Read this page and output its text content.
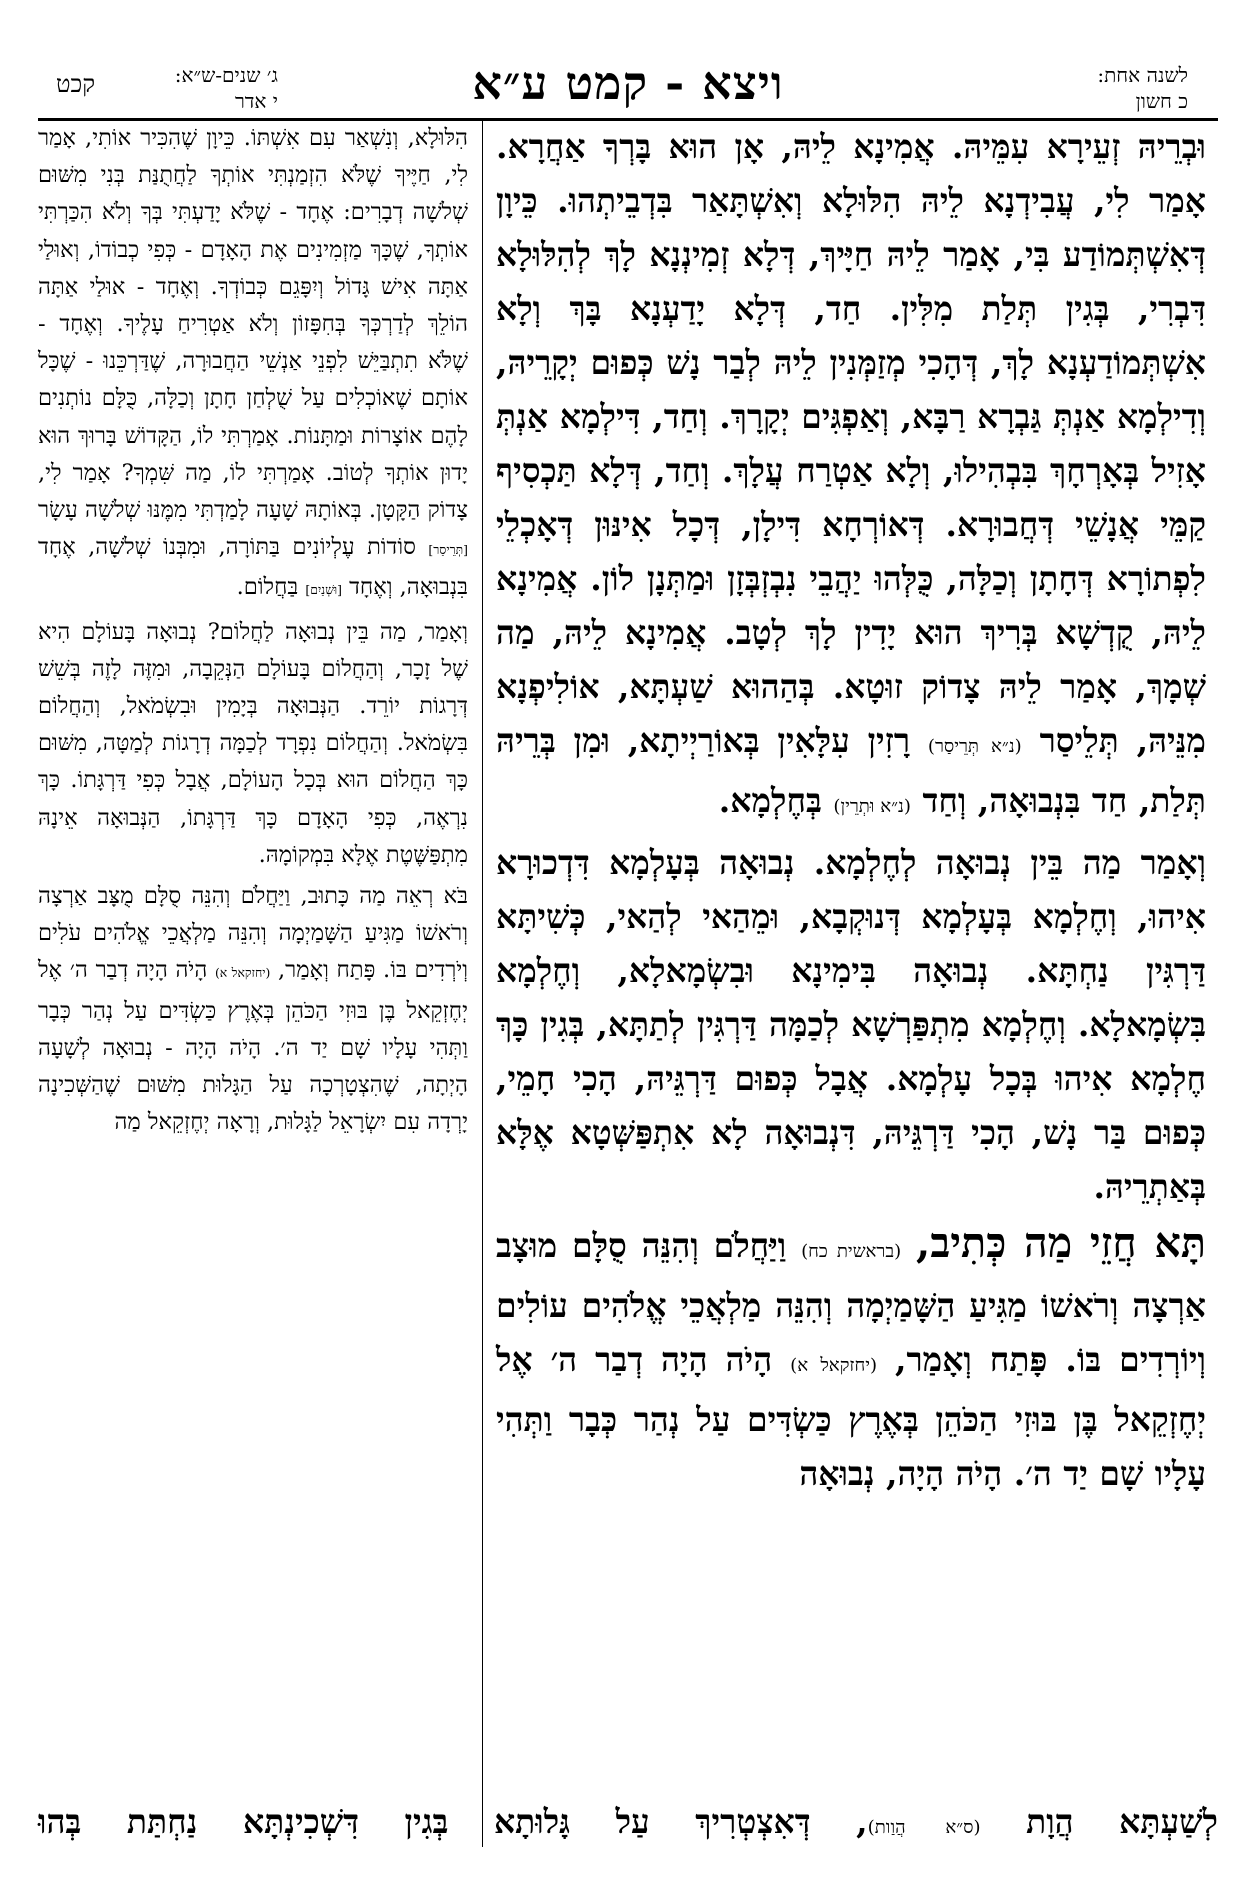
קכט	ג׳ שנים-ש״א:
י אדר	ויצא - קמט ע״א	לשנה אחת:
כ חשון

וּבְרֵיהּ זְעֵירָא עִמֵּיהּ. אֲמִינָא לֵיהּ, אָן הוּא בָּרְךָ אַחֲרָא. אָמַר לִי, עֲבִידְנָא לֵיהּ הִלּוּלָא וְאִשְׁתָּאַר בִּדְבֵיתְהוּ. כֵּיוָן דְּאִשְׁתְּמוֹדַע בִּי, אָמַר לֵיהּ חַיָּיךְ, דְּלָא זְמִינְנָא לָךְ לְהִלּוּלָא דִּבְרִי, בְּגִין תְּלַת מִלִּין. חַד, דְּלָא יָדַעְנָא בָּךְ וְלָא אִשְׁתְּמוֹדַעְנָא לָךְ, דְּהָכִי מְזַמְּנִין לֵיהּ לְבַר נָשׁ כְּפוּם יְקָרֵיהּ, וְדִילְמָא אַנְתְּ גַּבְרָא רַבָּא, וְאַפְגִּים יְקָרָךְ. וְחַד, דִּילְמָא אַנְתְּ אָזִיל בְּאָרְחָךְ בִּבְהִילוּ, וְלָא אַטְרַח עֲלָךְ. וְחַד, דְּלָא תַּכְסִיף קַמֵּי אֲנָשֵׁי דְּחֲבוּרָא. דְּאוֹרְחָא דִּילָן, דְּכָל אִינּוּן דְּאָכְלֵי לִפְתוֹרָא דְּחָתָן וְכַלָּה, כֻּלְּהוּ יַהֲבֵי נִבְזְבְּזָן וּמַתְּנָן לוֹן. אֲמִינָא לֵיהּ, קֻדְשָׁא בְּרִיךְ הוּא יָדִין לָךְ לְטָב. אֲמִינָא לֵיהּ, מַה שְׁמָךְ, אָמַר לֵיהּ צָדוֹק זוּטָא. בְּהַהוּא שַׁעְתָּא, אוֹלִיפְנָא מִנֵּיהּ, תְּלֵיסַר (נ״א תְּרֵיסַר) רָזִין עִלָּאִין בְּאוֹרַיְיתָא, וּמִן בְּרֵיהּ תְּלַת, חַד בִּנְבוּאָה, וְחַד (נ״א וּתְרֵין) בְּחֶלְמָא.

וְאָמַר מַה בֵּין נְבוּאָה לְחֶלְמָא. נְבוּאָה בְּעָלְמָא דִּדְכוּרָא אִיהוּ, וְחֶלְמָא בְּעָלְמָא דְּנוּקְבָא, וּמֵהַאי לְהַאי, כְּשִׁיתָּא דַּרְגִּין נַחְתָּא. נְבוּאָה בִּימִינָא וּבִשְׂמָאלָא, וְחֶלְמָא בִּשְׂמָאלָא. וְחֶלְמָא מִתְפַּרְשָׁא לְכַמָּה דַּרְגִּין לְתַתָּא, בְּגִין כָּךְ חֶלְמָא אִיהוּ בְּכָל עָלְמָא. אֲבָל כְּפוּם דַּרְגֵּיהּ, הָכִי חָמֵי, כְּפוּם בַּר נָשׁ, הָכִי דַּרְגֵּיהּ, דִּנְבוּאָה לָא אִתְפַּשְּׁטָא אֶלָּא בְּאַתְרֵיהּ.

תָּא חֲזֵי מַה כְּתִיב, (בראשית כח) וַיַּחֲלֹם וְהִנֵּה סֻלָּם מוּצָב אַרְצָה וְרֹאשׁוֹ מַגִּיעַ הַשָּׁמַיְמָה וְהִנֵּה מַלְאֲכֵי אֱלֹהִים עוֹלִים וְיוֹרְדִים בּוֹ. פָּתַח וְאָמַר, (יחזקאל א) הָיֹה הָיָה דְבַר ה׳ אֶל יְחֶזְקֵאל בֶּן בּוּזִי הַכֹּהֵן בְּאֶרֶץ כַּשְׂדִּים עַל נְהַר כְּבָר וַתְּהִי עָלָיו שָׁם יַד ה׳. הָיֹה הָיָה, נְבוּאָה

הִלּוּלָא, וְנִשְׁאַר עִם אִשְׁתּוֹ. כֵּיוָן שֶׁהִכִּיר אוֹתִי, אָמַר לִי, חַיֶּיךָ שֶׁלֹּא הִזְמַנְתִּי אוֹתְךָ לַחֲתֻנַּת בְּנִי מִשּׁוּם שְׁלֹשָׁה דְבָרִים: אֶחָד - שֶׁלֹּא יָדַעְתִּי בְּךָ וְלֹא הִכַּרְתִּי אוֹתְךָ, שֶׁכָּךְ מַזְמִינִים אֶת הָאָדָם - כְּפִי כְבוֹדוֹ, וְאוּלַי אַתָּה אִישׁ גָּדוֹל וְיִפָּגֵם כְּבוֹדְךָ. וְאֶחָד - אוּלַי אַתָּה הוֹלֵךְ לְדַרְכְּךָ בְּחִפָּזוֹן וְלֹא אַטְרִיחַ עָלֶיךָ. וְאֶחָד - שֶׁלֹּא תִתְבַּיֵּשׁ לִפְנֵי אַנְשֵׁי הַחֲבוּרָה, שֶׁדַּרְכֵּנוּ - שֶׁכָּל אוֹתָם שֶׁאוֹכְלִים עַל שֻׁלְחַן חָתָן וְכַלָּה, כֻּלָּם נוֹתְנִים לָהֶם אוֹצָרוֹת וּמַתָּנוֹת. אָמַרְתִּי לוֹ, הַקָּדוֹשׁ בָּרוּךְ הוּא יָדוּן אוֹתְךָ לְטוֹב. אָמַרְתִּי לוֹ, מַה שִּׁמְךָ? אָמַר לִי, צָדוֹק הַקָּטָן. בְּאוֹתָהּ שָׁעָה לָמַדְתִּי מִמֶּנּוּ שְׁלֹשָׁה עָשָׂר [תְּרֵיסַר] סוֹדוֹת עֶלְיוֹנִים בַּתּוֹרָה, וּמִבְּנוֹ שְׁלֹשָׁה, אֶחָד בִּנְבוּאָה, וְאֶחָד [וּשְׁנַיִם] בַּחֲלוֹם.

וְאָמַר, מַה בֵּין נְבוּאָה לַחֲלוֹם? נְבוּאָה בָּעוֹלָם הִיא שֶׁל זָכָר, וְהַחֲלוֹם בָּעוֹלָם הַנְּקֵבָה, וּמִזֶּה לָזֶה בְּשֵׁשׁ דְּרָגוֹת יוֹרֵד. הַנְּבוּאָה בְּיָמִין וּבִשְׂמֹאל, וְהַחֲלוֹם בִּשְׂמֹאל. וְהַחֲלוֹם נִפְרָד לְכַמָּה דְרָגוֹת לְמַטָּה, מִשּׁוּם כָּךְ הַחֲלוֹם הוּא בְּכָל הָעוֹלָם, אֲבָל כְּפִי דַּרְגָּתוֹ. כָּךְ נִרְאֶה, כְּפִי הָאָדָם כָּךְ דַּרְגָּתוֹ, הַנְּבוּאָה אֵינָהּ מִתְפַּשֶּׁטֶת אֶלָּא בִּמְקוֹמָהּ.

בֹּא רְאֵה מַה כָּתוּב, וַיַּחֲלֹם וְהִנֵּה סֻלָּם מֻצָּב אַרְצָה וְרֹאשׁוֹ מַגִּיעַ הַשָּׁמַיְמָה וְהִנֵּה מַלְאֲכֵי אֱלֹהִים עֹלִים וְיֹרְדִים בּוֹ. פָּתַח וְאָמַר, (יחזקאל א) הָיֹה הָיָה דְבַר ה׳ אֶל יְחֶזְקֵאל בֶּן בּוּזִי הַכֹּהֵן בְּאֶרֶץ כַּשְׂדִּים עַל נְהַר כְּבָר וַתְּהִי עָלָיו שָׁם יַד ה׳. הָיֹה הָיָה - נְבוּאָה לְשָׁעָה הָיְתָה, שֶׁהִצְטָרְכָה עַל הַגָּלוּת מִשּׁוּם שֶׁהַשְּׁכִינָה יָרְדָה עִם יִשְׂרָאֵל לַגָּלוּת, וְרָאָה יְחֶזְקֵאל מַה

לְשַׁעְתָּא הֲוָת (ס״א הֲוַות), דְּאִצְטְרִיךְ עַל גָּלוּתָא בְּגִין דִּשְׁכִינְתָּא נַחְתַּת בְּהוּ
